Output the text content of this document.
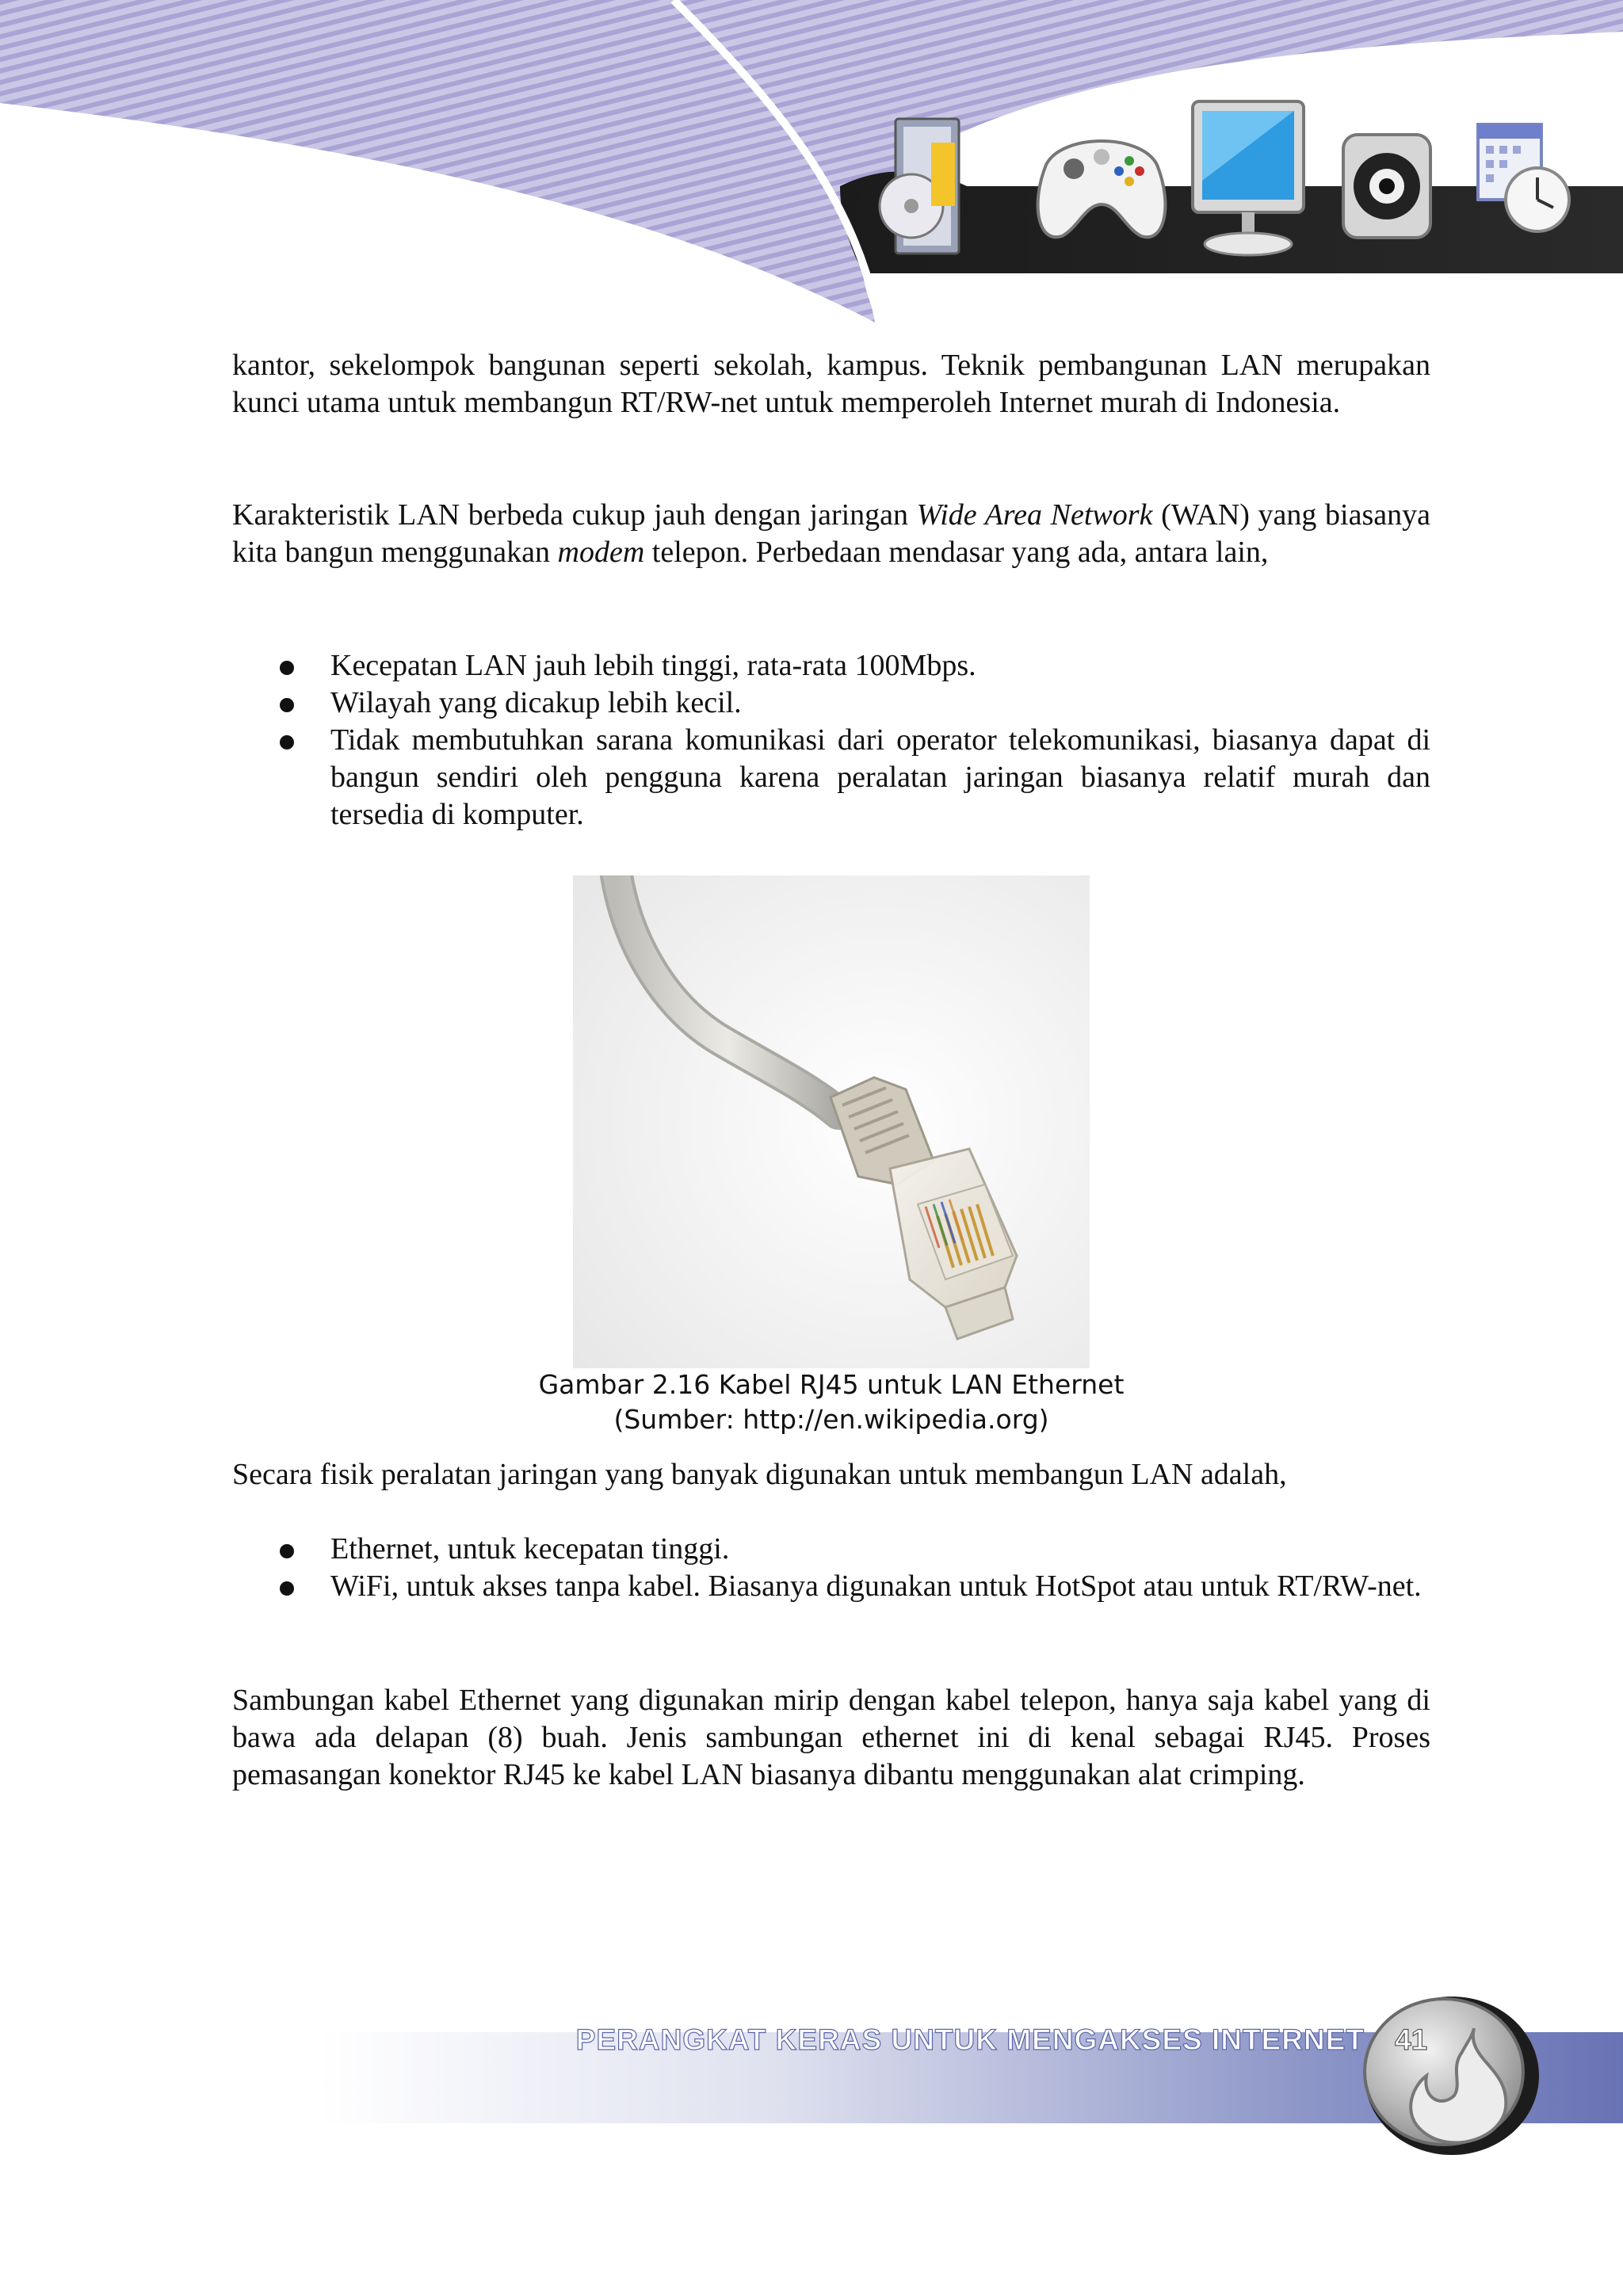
kantor, sekelompok bangunan seperti sekolah, kampus. Teknik pembangunan LAN merupakan kunci utama untuk membangun RT/RW-net untuk memperoleh Internet murah di Indonesia.

Karakteristik LAN berbeda cukup jauh dengan jaringan Wide Area Network (WAN) yang biasanya kita bangun menggunakan modem telepon. Perbedaan mendasar yang ada, antara lain,

Kecepatan LAN jauh lebih tinggi, rata-rata 100Mbps.
Wilayah yang dicakup lebih kecil.
Tidak membutuhkan sarana komunikasi dari operator telekomunikasi, biasanya dapat di bangun sendiri oleh pengguna karena peralatan jaringan biasanya relatif murah dan tersedia di komputer.
Gambar 2.16 Kabel RJ45 untuk LAN Ethernet
(Sumber: http://en.wikipedia.org)

Secara fisik peralatan jaringan yang banyak digunakan untuk membangun LAN adalah,

Ethernet, untuk kecepatan tinggi.
WiFi, untuk akses tanpa kabel. Biasanya digunakan untuk HotSpot atau untuk RT/RW-net.

Sambungan kabel Ethernet yang digunakan mirip dengan kabel telepon, hanya saja kabel yang di bawa ada delapan (8) buah. Jenis sambungan ethernet ini di kenal sebagai RJ45. Proses pemasangan konektor RJ45 ke kabel LAN biasanya dibantu menggunakan alat crimping.

PERANGKAT KERAS UNTUK MENGAKSES INTERNET 41
